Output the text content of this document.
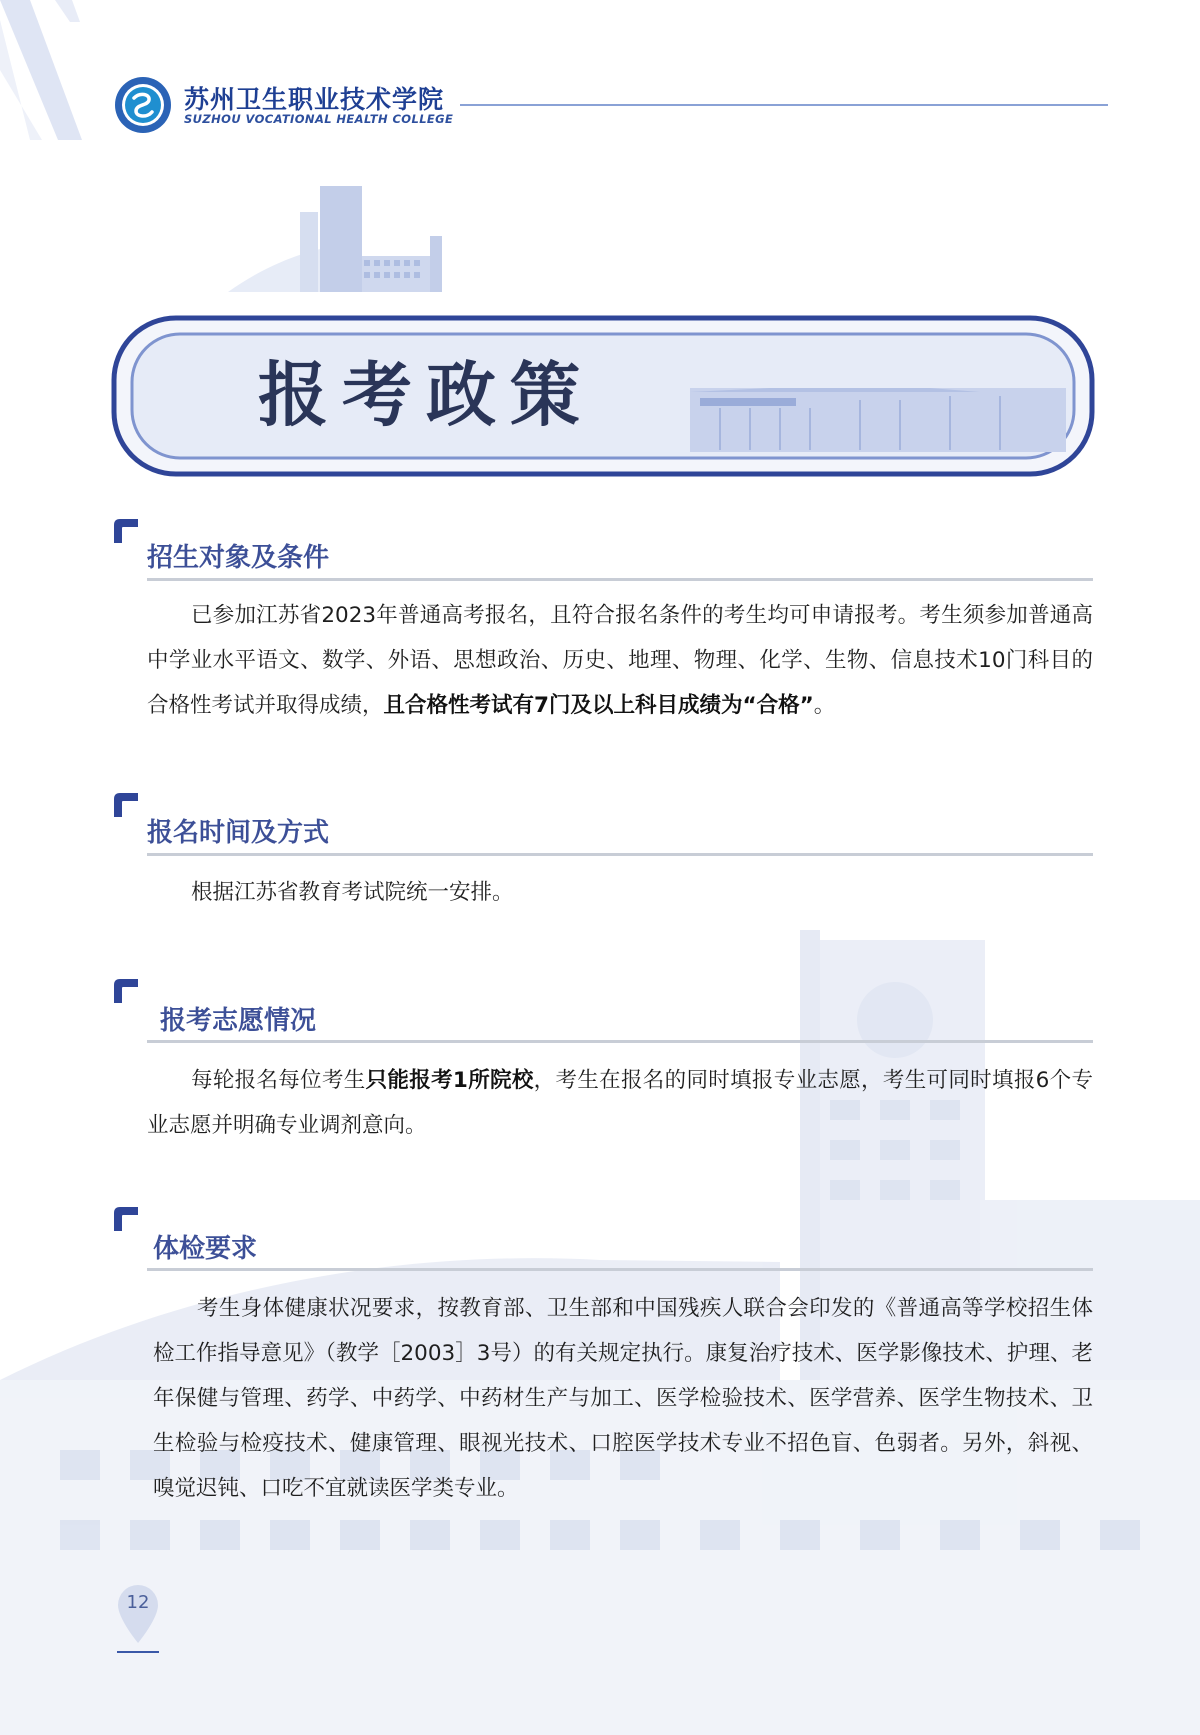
苏州卫生职业技术学院
SUZHOU VOCATIONAL HEALTH COLLEGE
报考政策
招生对象及条件
已参加江苏省2023年普通高考报名，且符合报名条件的考生均可申请报考。考生须参加普通高中学业水平语文、数学、外语、思想政治、历史、地理、物理、化学、生物、信息技术10门科目的合格性考试并取得成绩，且合格性考试有7门及以上科目成绩为“合格”。
报名时间及方式
根据江苏省教育考试院统一安排。
报考志愿情况
每轮报名每位考生只能报考1所院校，考生在报名的同时填报专业志愿，考生可同时填报6个专业志愿并明确专业调剂意向。
体检要求
考生身体健康状况要求，按教育部、卫生部和中国残疾人联合会印发的《普通高等学校招生体检工作指导意见》（教学［2003］3号）的有关规定执行。康复治疗技术、医学影像技术、护理、老年保健与管理、药学、中药学、中药材生产与加工、医学检验技术、医学营养、医学生物技术、卫生检验与检疫技术、健康管理、眼视光技术、口腔医学技术专业不招色盲、色弱者。另外，斜视、嗅觉迟钝、口吃不宜就读医学类专业。
12
